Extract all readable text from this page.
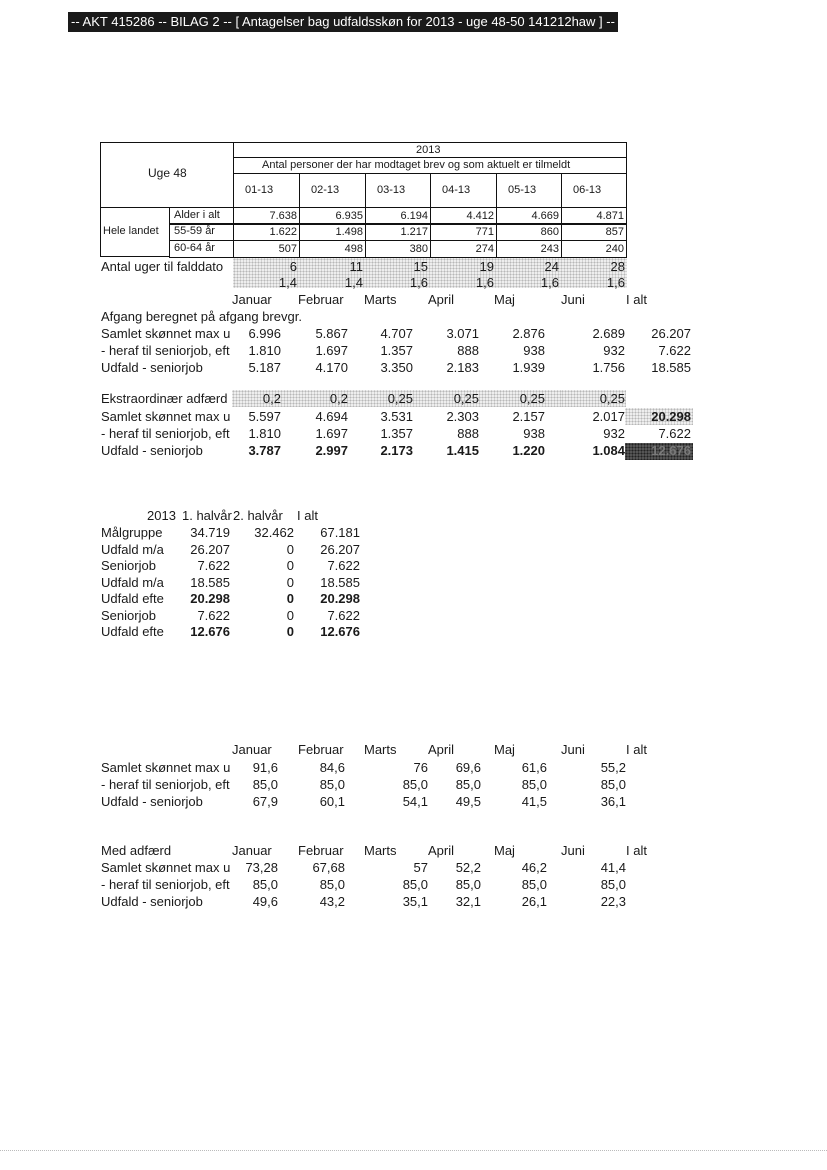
-- AKT 415286 -- BILAG 2 -- [ Antagelser bag udfaldsskøn for 2013 - uge 48-50 141212haw ] --
Januar Februar Marts April	Maj	Juni	I alt
Afgang beregnet på afgang brevgr.
Samlet skønnet max u	6.996	5.867	4.707	3.071	2.876	2.689	26.207
- heraf til seniorjob, eft	1.810	1.697	1.357	888	938	932	7.622
Udfald - seniorjob	5.187	4.170	3.350	2.183	1.939	1.756	18.585
Ekstraordinær adfærd	0,2	0,2	0,25	0,25	0,25	0,25
Samlet skønnet max u	5.597	4.694	3.531	2.303	2.157	2.017	20.298
- heraf til seniorjob, eft	1.810	1.697	1.357	888	938	932	7.622
Udfald - seniorjob	3.787	2.997	2.173	1.415	1.220	1.084	12.676
2013 1. halvår 2. halvår I alt
Målgruppe	34.719	32.462	67.181
Udfald m/a	26.207	0	26.207
Seniorjob	7.622	0	7.622
Udfald m/a	18.585	0	18.585
Udfald efte	20.298	0	20.298
Seniorjob	7.622	0	7.622
Udfald efte	12.676	0	12.676
Januar Februar Marts April	Maj	Juni	I alt
Samlet skønnet max u	91,6	84,6	76	69,6	61,6	55,2
- heraf til seniorjob, eft	85,0	85,0	85,0	85,0	85,0	85,0
Udfald - seniorjob	67,9	60,1	54,1	49,5	41,5	36,1
Med adfærd	Januar Februar Marts April	Maj	Juni	I alt
Samlet skønnet max u	73,28	67,68	57	52,2	46,2	41,4
- heraf til seniorjob, eft	85,0	85,0	85,0	85,0	85,0	85,0
Udfald - seniorjob	49,6	43,2	35,1	32,1	26,1	22,3
Uge 48
2013
Antal personer der har modtaget brev og som aktuelt er tilmeldt
01-13	02-13	03-13	04-13	05-13	06-13
Hele landet
Alder i alt	7.638	6.935	6.194	4.412	4.669	4.871
55-59 år	1.622	1.498	1.217	771	860	857
60-64 år	507	498	380	274	243	240
Antal uger til falddato	6	11	15	19	24	28
1,4	1,4	1,6	1,6	1,6	1,6
